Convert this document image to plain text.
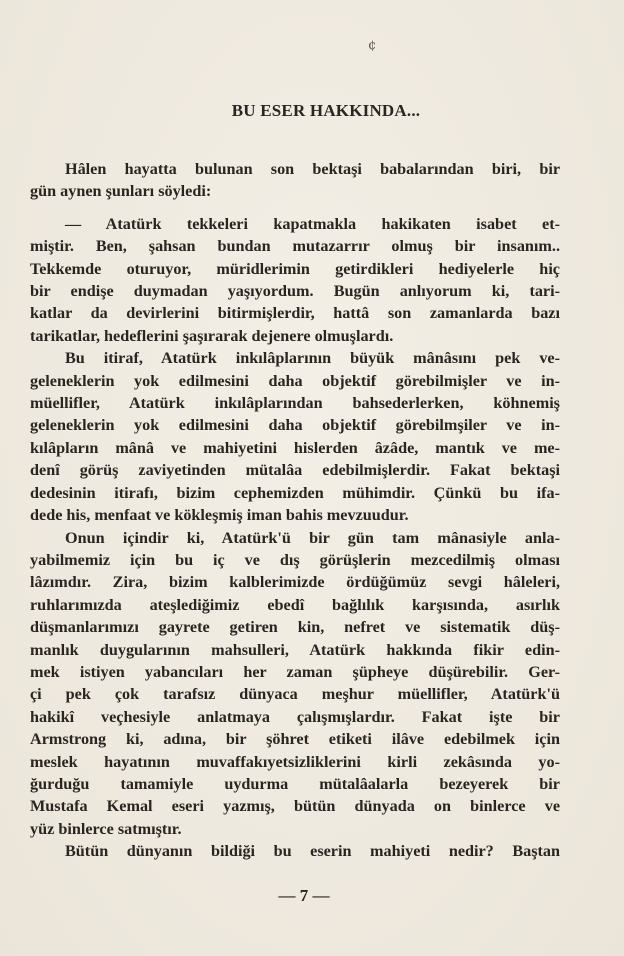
¢
BU ESER HAKKINDA...

Hâlen hayatta bulunan son bektaşi babalarından biri, bir

gün aynen şunları söyledi:

— Atatürk tekkeleri kapatmakla hakikaten isabet et-

miştir. Ben, şahsan bundan mutazarrır olmuş bir insanım..

Tekkemde oturuyor, müridlerimin getirdikleri hediyelerle hiç

bir endişe duymadan yaşıyordum. Bugün anlıyorum ki, tari-

katlar da devirlerini bitirmişlerdir, hattâ son zamanlarda bazı

tarikatlar, hedeflerini şaşırarak dejenere olmuşlardı.

Bu itiraf, Atatürk inkılâplarının büyük mânâsını pek ve-

geleneklerin yok edilmesini daha objektif görebilmişler ve in-

müellifler, Atatürk inkılâplarından bahsederlerken, köhnemiş

geleneklerin yok edilmesini daha objektif görebilmşiler ve in-

kılâpların mânâ ve mahiyetini hislerden âzâde, mantık ve me-

denî görüş zaviyetinden mütalâa edebilmişlerdir. Fakat bektaşi

dedesinin itirafı, bizim cephemizden mühimdir. Çünkü bu ifa-

dede his, menfaat ve kökleşmiş iman bahis mevzuudur.

Onun içindir ki, Atatürk'ü bir gün tam mânasiyle anla-

yabilmemiz için bu iç ve dış görüşlerin mezcedilmiş olması

lâzımdır. Zira, bizim kalblerimizde ördüğümüz sevgi hâleleri,

ruhlarımızda ateşlediğimiz ebedî bağlılık karşısında, asırlık

düşmanlarımızı gayrete getiren kin, nefret ve sistematik düş-

manlık duygularının mahsulleri, Atatürk hakkında fikir edin-

mek istiyen yabancıları her zaman şüpheye düşürebilir. Ger-

çi pek çok tarafsız dünyaca meşhur müellifler, Atatürk'ü

hakikî veçhesiyle anlatmaya çalışmışlardır. Fakat işte bir

Armstrong ki, adına, bir şöhret etiketi ilâve edebilmek için

meslek hayatının muvaffakıyetsizliklerini kirli zekâsında yo-

ğurduğu tamamiyle uydurma mütalâalarla bezeyerek bir

Mustafa Kemal eseri yazmış, bütün dünyada on binlerce ve

yüz binlerce satmıştır.

Bütün dünyanın bildiği bu eserin mahiyeti nedir? Baştan

— 7 —
